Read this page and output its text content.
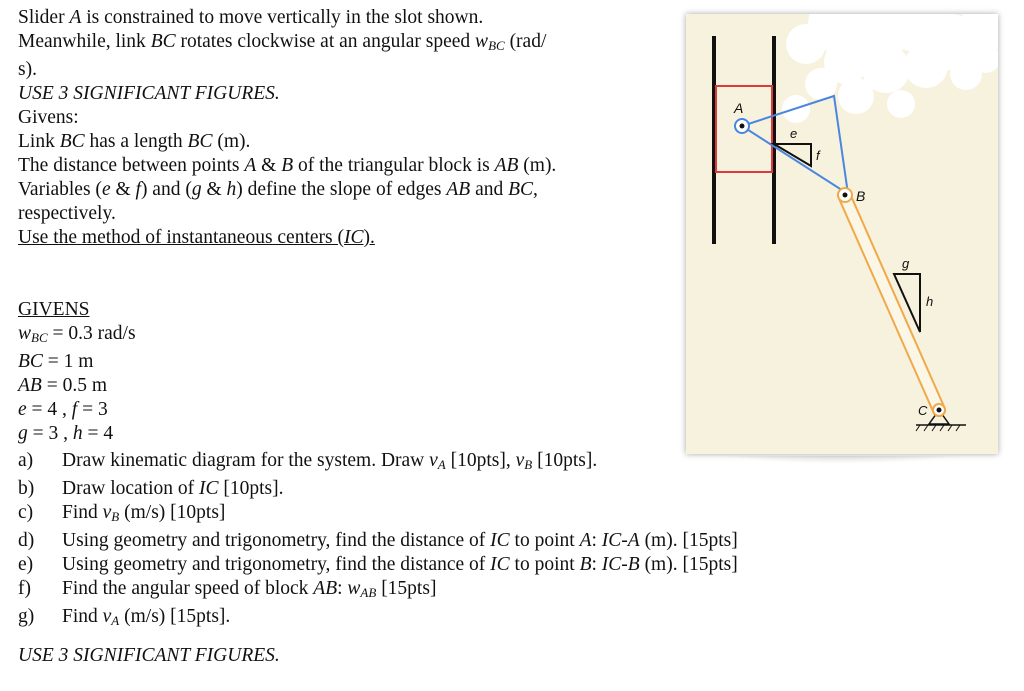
Slider A is constrained to move vertically in the slot shown.

Meanwhile, link BC rotates clockwise at an angular speed $w_{BC}$ (rad/

s).

USE 3 SIGNIFICANT FIGURES.

Givens:

Link BC has a length BC (m).

The distance between points A & B of the triangular block is AB (m).

Variables (e & f) and (g & h) define the slope of edges AB and BC,

respectively.

Use the method of instantaneous centers (IC).

GIVENS

$w_{BC} = 0.3$ rad/s

BC = 1 m

AB = 0.5 m

e = 4 , f = 3

g = 3 , h = 4

a)	Draw kinematic diagram for the system. Draw $v_A$ [10pts], $v_B$ [10pts].
b)	Draw location of IC [10pts].
c)	Find $v_B$ (m/s) [10pts]
d)	Using geometry and trigonometry, find the distance of IC to point A: IC-A (m). [15pts]
e)	Using geometry and trigonometry, find the distance of IC to point B: IC-B (m). [15pts]
f)	Find the angular speed of block AB: $w_{AB}$ [15pts]
g)	Find $v_A$ (m/s) [15pts].
USE 3 SIGNIFICANT FIGURES.
A
B
e
f
g
h
C
